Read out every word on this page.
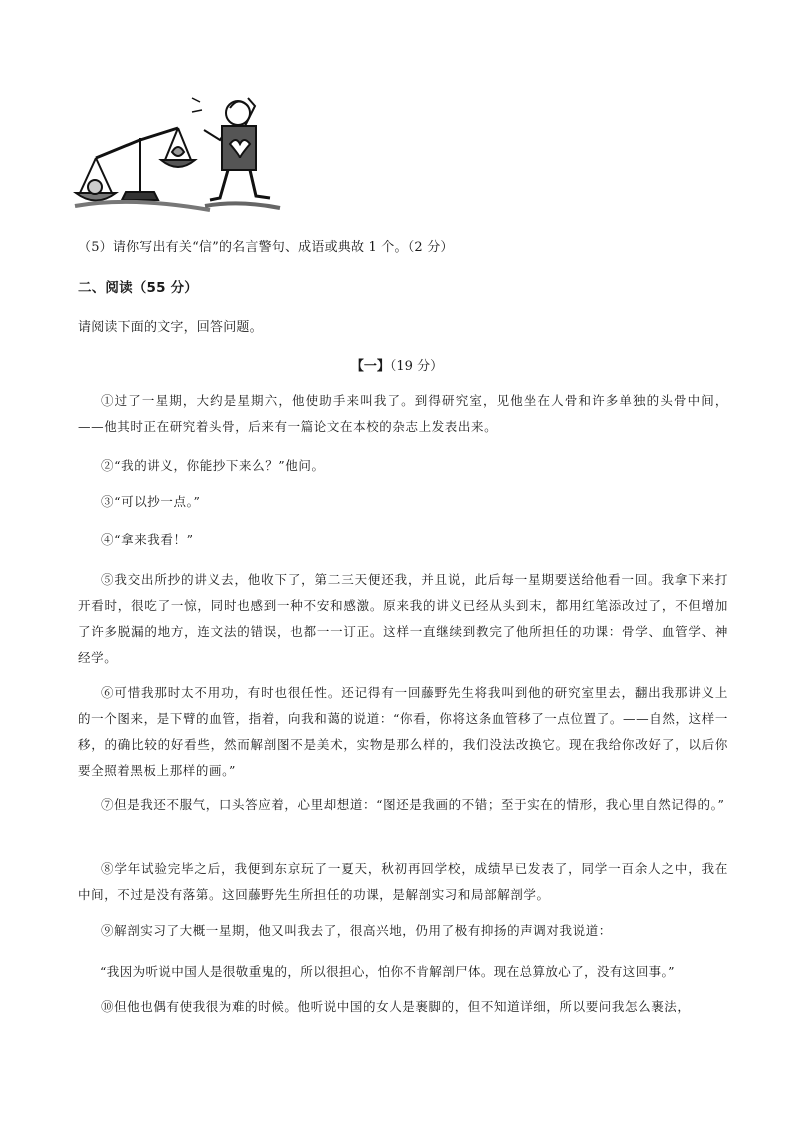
（5）请你写出有关“信”的名言警句、成语或典故 1 个。（2 分）
二、阅读（55 分）
请阅读下面的文字，回答问题。
【一】（19 分）
①过了一星期，大约是星期六，他使助手来叫我了。到得研究室，见他坐在人骨和许多单独的头骨中间，——他其时正在研究着头骨，后来有一篇论文在本校的杂志上发表出来。
②“我的讲义，你能抄下来么？”他问。
③“可以抄一点。”
④“拿来我看！”
⑤我交出所抄的讲义去，他收下了，第二三天便还我，并且说，此后每一星期要送给他看一回。我拿下来打开看时，很吃了一惊，同时也感到一种不安和感激。原来我的讲义已经从头到末，都用红笔添改过了，不但增加了许多脱漏的地方，连文法的错误，也都一一订正。这样一直继续到教完了他所担任的功课：骨学、血管学、神经学。
⑥可惜我那时太不用功，有时也很任性。还记得有一回藤野先生将我叫到他的研究室里去，翻出我那讲义上的一个图来，是下臂的血管，指着，向我和蔼的说道：“你看，你将这条血管移了一点位置了。——自然，这样一移，的确比较的好看些，然而解剖图不是美术，实物是那么样的，我们没法改换它。现在我给你改好了，以后你要全照着黑板上那样的画。”
⑦但是我还不服气，口头答应着，心里却想道：“图还是我画的不错；至于实在的情形，我心里自然记得的。”
⑧学年试验完毕之后，我便到东京玩了一夏天，秋初再回学校，成绩早已发表了，同学一百余人之中，我在中间，不过是没有落第。这回藤野先生所担任的功课，是解剖实习和局部解剖学。
⑨解剖实习了大概一星期，他又叫我去了，很高兴地，仍用了极有抑扬的声调对我说道：
“我因为听说中国人是很敬重鬼的，所以很担心，怕你不肯解剖尸体。现在总算放心了，没有这回事。”
⑩但他也偶有使我很为难的时候。他听说中国的女人是裹脚的，但不知道详细，所以要问我怎么裹法，
